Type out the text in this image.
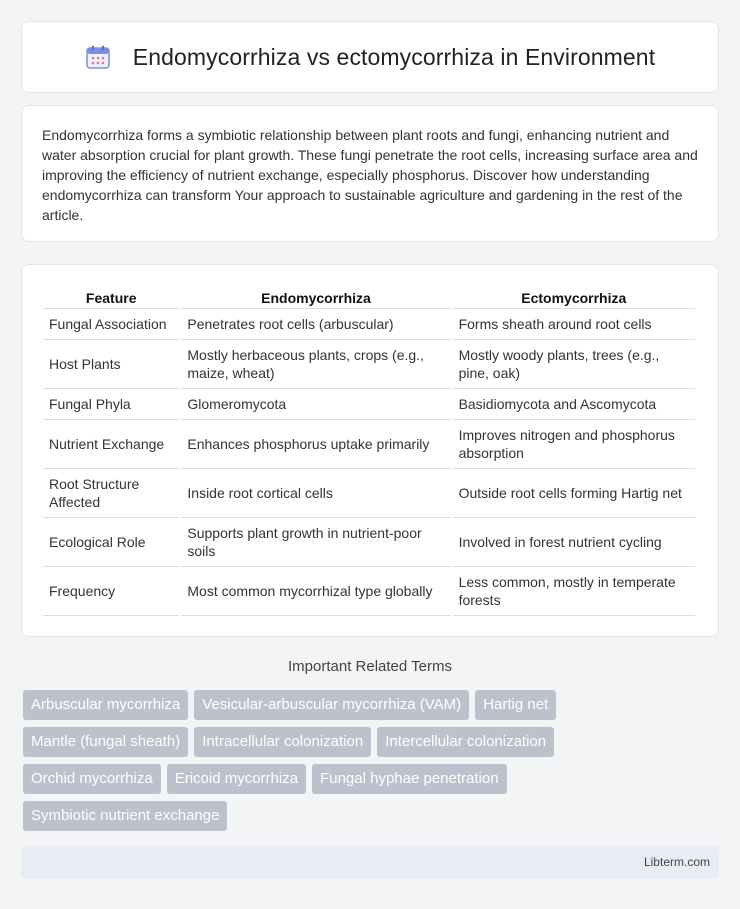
Endomycorrhiza vs ectomycorrhiza in Environment

Endomycorrhiza forms a symbiotic relationship between plant roots and fungi, enhancing nutrient and water absorption crucial for plant growth. These fungi penetrate the root cells, increasing surface area and improving the efficiency of nutrient exchange, especially phosphorus. Discover how understanding endomycorrhiza can transform Your approach to sustainable agriculture and gardening in the rest of the article.

Feature	Endomycorrhiza	Ectomycorrhiza
Fungal Association	Penetrates root cells (arbuscular)	Forms sheath around root cells
Host Plants	Mostly herbaceous plants, crops (e.g., maize, wheat)	Mostly woody plants, trees (e.g., pine, oak)
Fungal Phyla	Glomeromycota	Basidiomycota and Ascomycota
Nutrient Exchange	Enhances phosphorus uptake primarily	Improves nitrogen and phosphorus absorption
Root Structure Affected	Inside root cortical cells	Outside root cells forming Hartig net
Ecological Role	Supports plant growth in nutrient-poor soils	Involved in forest nutrient cycling
Frequency	Most common mycorrhizal type globally	Less common, mostly in temperate forests
Important Related Terms
Arbuscular mycorrhiza	Vesicular-arbuscular mycorrhiza (VAM)	Hartig net
Mantle (fungal sheath)	Intracellular colonization	Intercellular colonization
Orchid mycorrhiza	Ericoid mycorrhiza	Fungal hyphae penetration
Symbiotic nutrient exchange
Libterm.com
